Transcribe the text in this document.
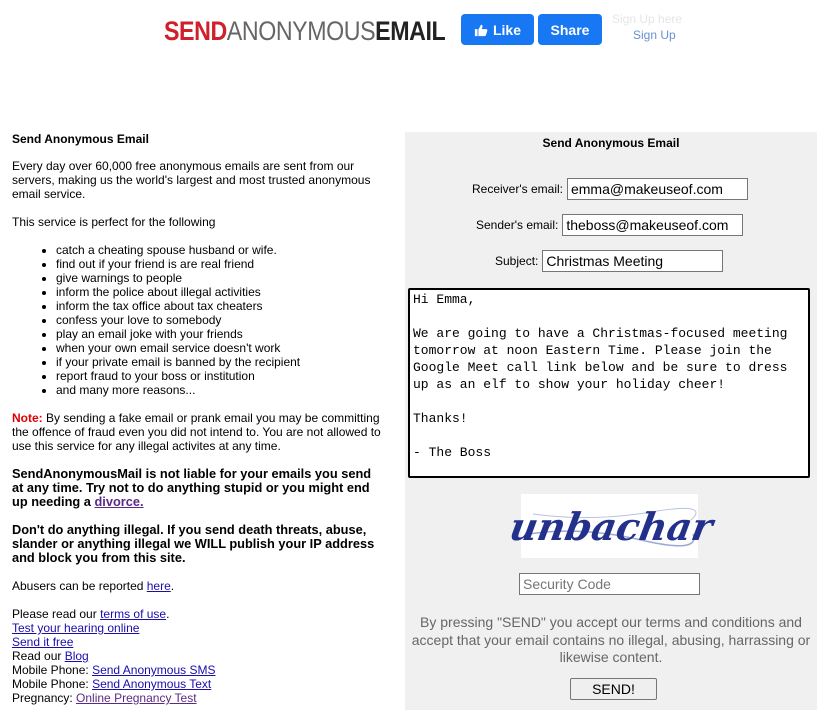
SENDANONYMOUSEMAIL	Like Share
Sign Up here
Sign Up
Send Anonymous Email

Every day over 60,000 free anonymous emails are sent from our servers, making us the world's largest and most trusted anonymous email service.

This service is perfect for the following

• catch a cheating spouse husband or wife.
• find out if your friend is are real friend
• give warnings to people
• inform the police about illegal activities
• inform the tax office about tax cheaters
• confess your love to somebody
• play an email joke with your friends
• when your own email service doesn't work
• if your private email is banned by the recipient
• report fraud to your boss or institution
• and many more reasons...

Note: By sending a fake email or prank email you may be committing the offence of fraud even you did not intend to. You are not allowed to use this service for any illegal activites at any time.

SendAnonymousMail is not liable for your emails you send at any time. Try not to do anything stupid or you might end up needing a divorce.

Don't do anything illegal. If you send death threats, abuse, slander or anything illegal we WILL publish your IP address and block you from this site.

Abusers can be reported here.

Please read our terms of use.
Test your hearing online
Send it free
Read our Blog
Mobile Phone: Send Anonymous SMS
Mobile Phone: Send Anonymous Text
Pregnancy: Online Pregnancy Test
Send Anonymous Email
Receiver's email:
emma@makeuseof.com
Sender's email:
theboss@makeuseof.com
Subject:
Christmas Meeting
Hi Emma, We are going to have a Christmas-focused meeting tomorrow at noon Eastern Time. Please join the Google Meet call link below and be sure to dress up as an elf to show your holiday cheer! Thanks! - The Boss
unbachar
Security Code
By pressing "SEND" you accept our terms and conditions and accept that your email contains no illegal, abusing, harrassing or likewise content.
SEND!
